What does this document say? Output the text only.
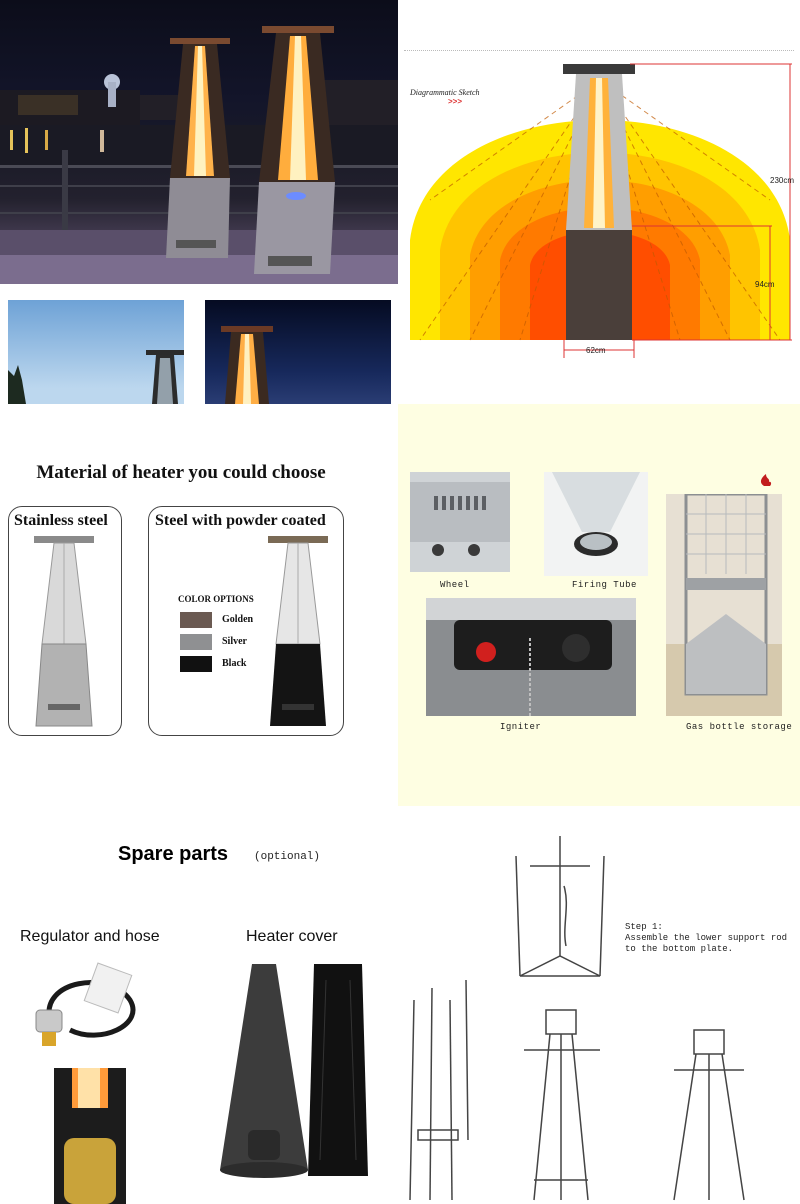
Diagrammatic Sketch
>>>
230cm
94cm
62cm
Material of heater you could choose
Stainless steel	Steel with powder coated
COLOR OPTIONS
Golden
Silver
Black
Wheel	Firing Tube
Igniter	Gas bottle storage
Spare parts (optional)
Regulator and hose	Heater cover
Step 1:
Assemble the lower support rod
to the bottom plate.
